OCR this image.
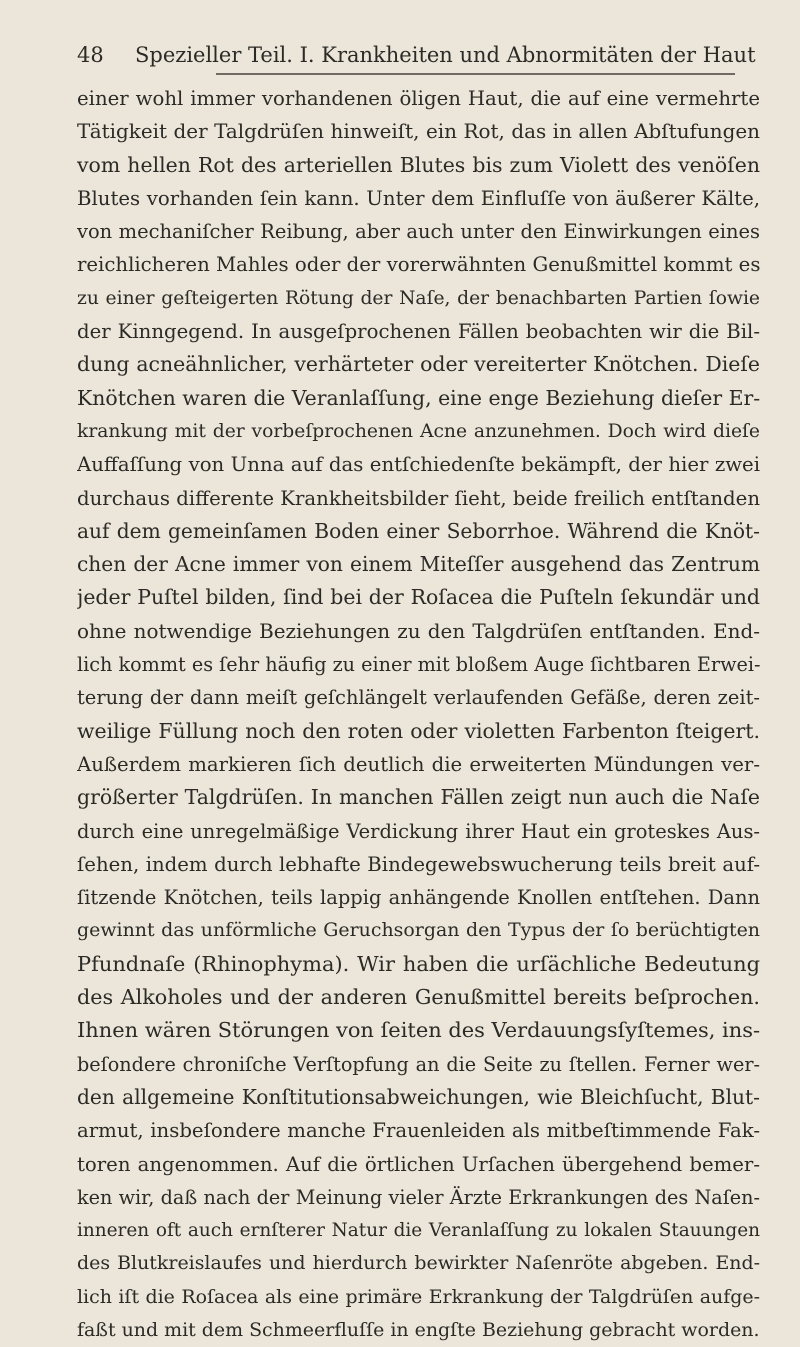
48 Spezieller Teil. I. Krankheiten und Abnormitäten der Haut
einer wohl immer vorhandenen öligen Haut, die auf eine vermehrte
Tätigkeit der Talgdrüſen hinweiſt, ein Rot, das in allen Abſtufungen
vom hellen Rot des arteriellen Blutes bis zum Violett des venöſen
Blutes vorhanden ſein kann. Unter dem Einfluſſe von äußerer Kälte,
von mechaniſcher Reibung, aber auch unter den Einwirkungen eines
reichlicheren Mahles oder der vorerwähnten Genußmittel kommt es
zu einer geſteigerten Rötung der Naſe, der benachbarten Partien ſowie
der Kinngegend. In ausgeſprochenen Fällen beobachten wir die Bil-
dung acneähnlicher, verhärteter oder vereiterter Knötchen. Dieſe
Knötchen waren die Veranlaſſung, eine enge Beziehung dieſer Er-
krankung mit der vorbeſprochenen Acne anzunehmen. Doch wird dieſe
Auffaſſung von Unna auf das entſchiedenſte bekämpft, der hier zwei
durchaus differente Krankheitsbilder ſieht, beide freilich entſtanden
auf dem gemeinſamen Boden einer Seborrhoe. Während die Knöt-
chen der Acne immer von einem Miteſſer ausgehend das Zentrum
jeder Puſtel bilden, ſind bei der Roſacea die Puſteln ſekundär und
ohne notwendige Beziehungen zu den Talgdrüſen entſtanden. End-
lich kommt es ſehr häufig zu einer mit bloßem Auge ſichtbaren Erwei-
terung der dann meiſt geſchlängelt verlaufenden Gefäße, deren zeit-
weilige Füllung noch den roten oder violetten Farbenton ſteigert.
Außerdem markieren ſich deutlich die erweiterten Mündungen ver-
größerter Talgdrüſen. In manchen Fällen zeigt nun auch die Naſe
durch eine unregelmäßige Verdickung ihrer Haut ein groteskes Aus-
ſehen, indem durch lebhafte Bindegewebswucherung teils breit auf-
ſitzende Knötchen, teils lappig anhängende Knollen entſtehen. Dann
gewinnt das unförmliche Geruchsorgan den Typus der ſo berüchtigten
Pfundnaſe (Rhinophyma). Wir haben die urſächliche Bedeutung
des Alkoholes und der anderen Genußmittel bereits beſprochen.
Ihnen wären Störungen von ſeiten des Verdauungsſyſtemes, ins-
beſondere chroniſche Verſtopfung an die Seite zu ſtellen. Ferner wer-
den allgemeine Konſtitutionsabweichungen, wie Bleichſucht, Blut-
armut, insbeſondere manche Frauenleiden als mitbeſtimmende Fak-
toren angenommen. Auf die örtlichen Urſachen übergehend bemer-
ken wir, daß nach der Meinung vieler Ärzte Erkrankungen des Naſen-
inneren oft auch ernſterer Natur die Veranlaſſung zu lokalen Stauungen
des Blutkreislaufes und hierdurch bewirkter Naſenröte abgeben. End-
lich iſt die Roſacea als eine primäre Erkrankung der Talgdrüſen aufge-
faßt und mit dem Schmeerfluſſe in engſte Beziehung gebracht worden.
